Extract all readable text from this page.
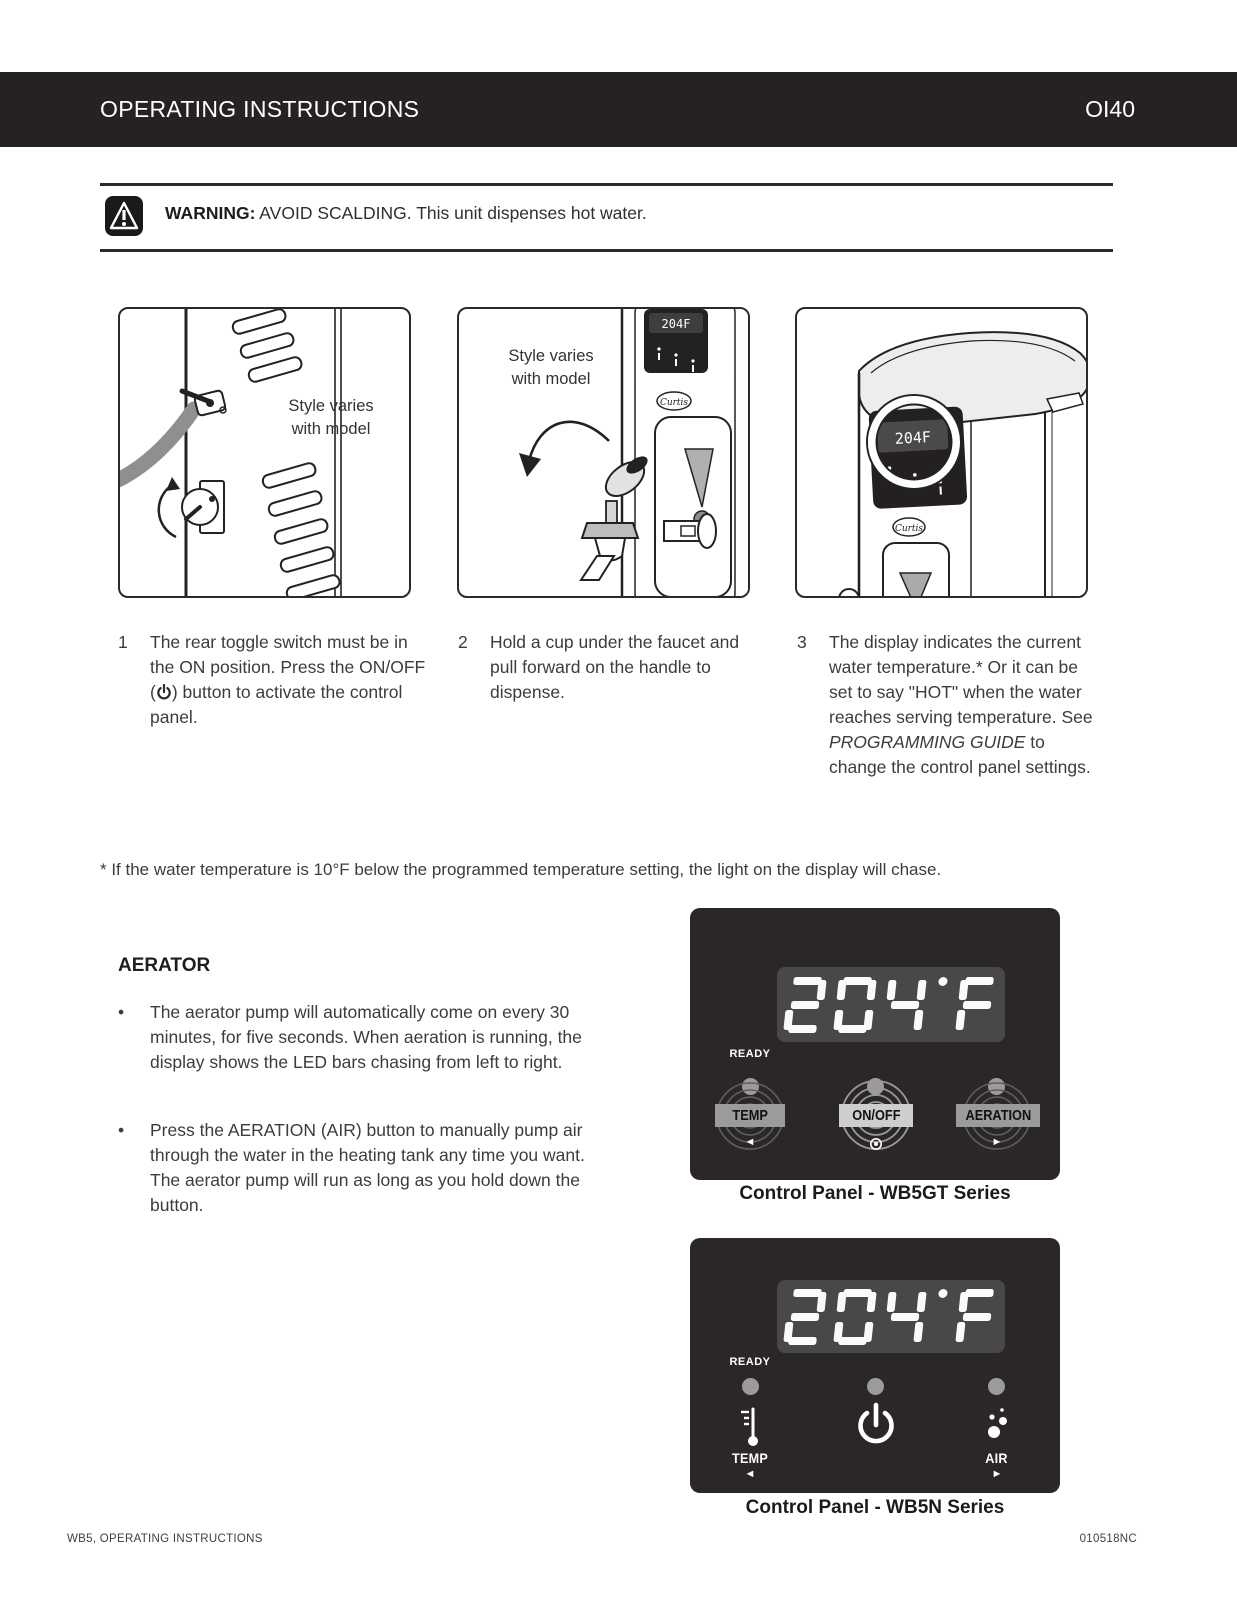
OPERATING INSTRUCTIONS	OI40
WARNING: AVOID SCALDING. This unit dispenses hot water.
Style varies
with model
204F
Curtis
Style varies
with model
204F
Curtis
1	The rear toggle switch must be in the ON position. Press the ON/OFF ( ) button to activate the control panel.

2	Hold a cup under the faucet and pull forward on the handle to dispense.

3	The display indicates the current water temperature.* Or it can be set to say "HOT" when the water reaches serving temperature. See PROGRAMMING GUIDE to change the control panel settings.

* If the water temperature is 10°F below the programmed temperature setting, the light on the display will chase.

AERATOR
•	The aerator pump will automatically come on every 30 minutes, for five seconds. When aeration is running, the display shows the LED bars chasing from left to right.

•	Press the AERATION (AIR) button to manually pump air through the water in the heating tank any time you want. The aerator pump will run as long as you hold down the button.

READY
TEMP	ON/OFF	AERATION
◄	►
Control Panel - WB5GT Series
READY
TEMP	AIR
◄	►
Control Panel - WB5N Series
WB5, OPERATING INSTRUCTIONS	010518NC
